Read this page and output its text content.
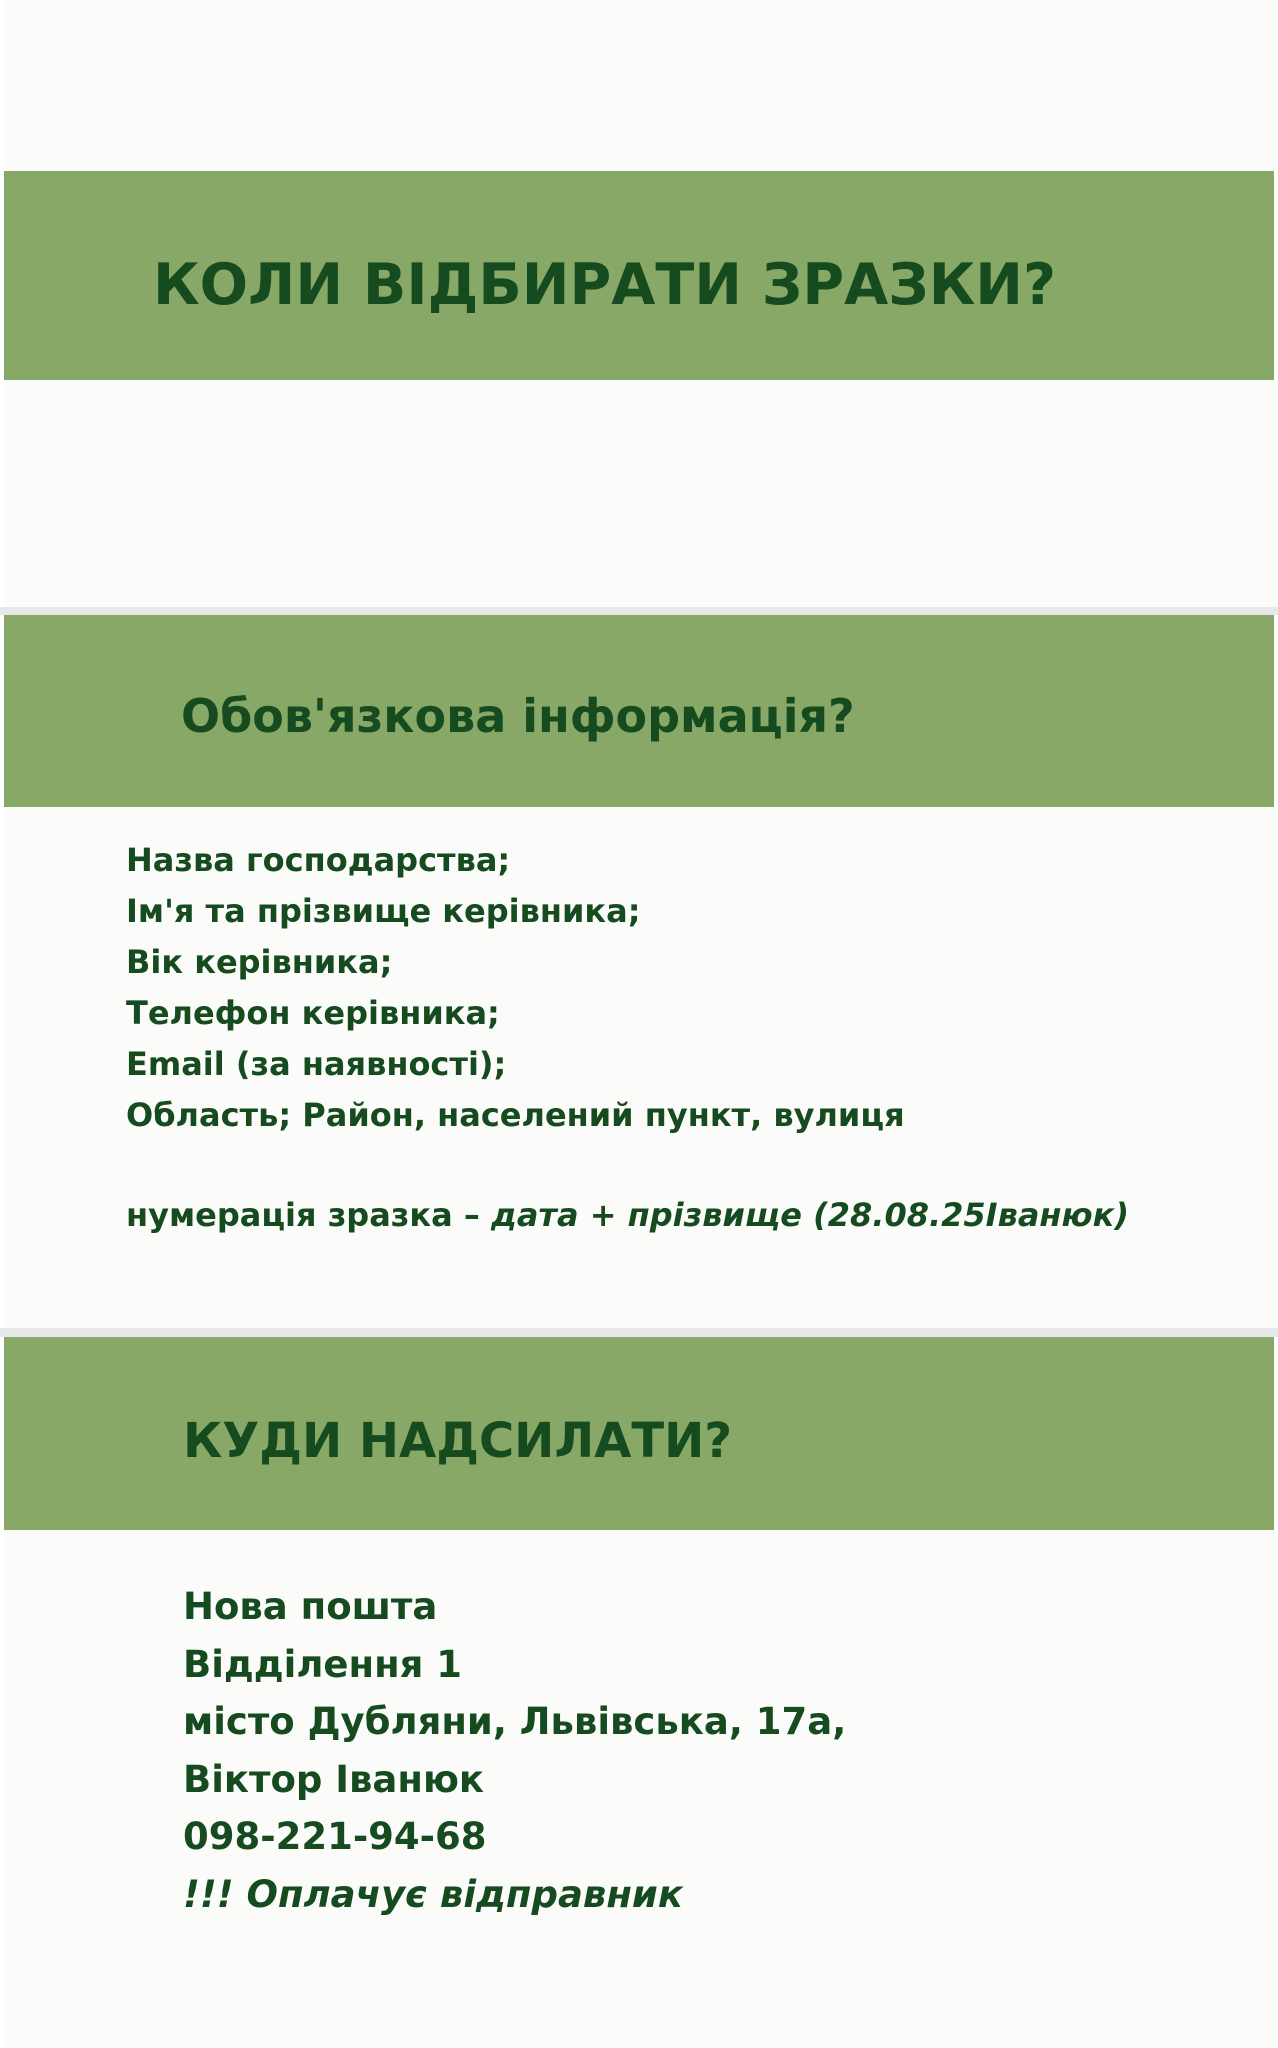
КОЛИ ВІДБИРАТИ ЗРАЗКИ?
Обов'язкова інформація?
Назва господарства;
Ім'я та прізвище керівника;
Вік керівника;
Телефон керівника;
Email (за наявності);
Область; Район, населений пункт, вулиця

нумерація зразка – дата + прізвище (28.08.25Іванюк)

КУДИ НАДСИЛАТИ?
Нова пошта
Відділення 1
місто Дубляни, Львівська, 17а,
Віктор Іванюк
098-221-94-68
!!! Оплачує відправник
